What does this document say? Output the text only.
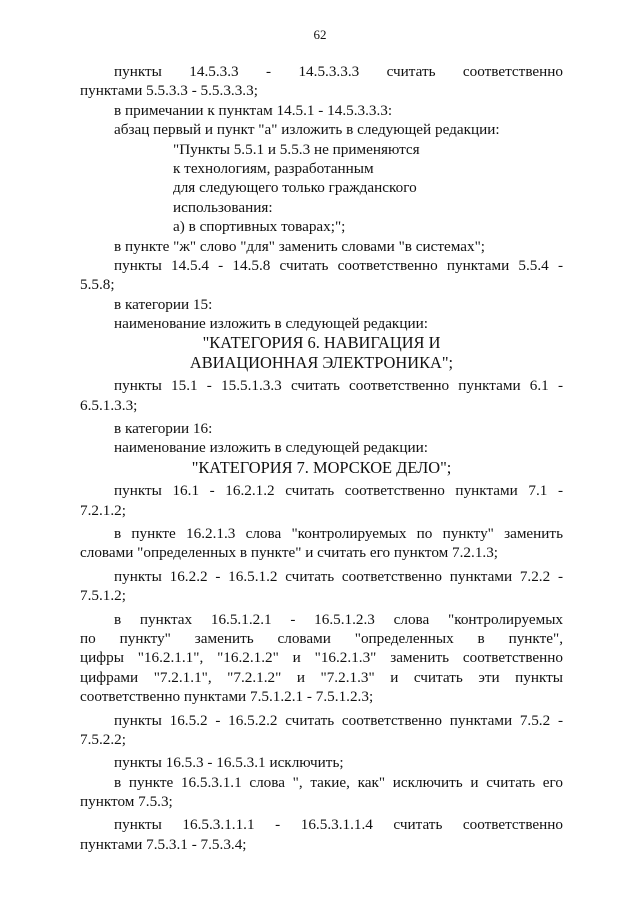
62
пункты 14.5.3.3 - 14.5.3.3.3 считать соответственно
пунктами 5.5.3.3 - 5.5.3.3.3;
в примечании к пунктам 14.5.1 - 14.5.3.3.3:
абзац первый и пункт "а" изложить в следующей редакции:
"Пункты 5.5.1 и 5.5.3 не применяются
к технологиям, разработанным
для следующего только гражданского
использования:
а) в спортивных товарах;";
в пункте "ж" слово "для" заменить словами "в системах";
пункты 14.5.4 - 14.5.8 считать соответственно пунктами 5.5.4 -
5.5.8;
в категории 15:
наименование изложить в следующей редакции:
"КАТЕГОРИЯ 6. НАВИГАЦИЯ И
АВИАЦИОННАЯ ЭЛЕКТРОНИКА";
пункты 15.1 - 15.5.1.3.3 считать соответственно пунктами 6.1 -
6.5.1.3.3;
в категории 16:
наименование изложить в следующей редакции:
"КАТЕГОРИЯ 7. МОРСКОЕ ДЕЛО";
пункты 16.1 - 16.2.1.2 считать соответственно пунктами 7.1 -
7.2.1.2;
в пункте 16.2.1.3 слова "контролируемых по пункту" заменить
словами "определенных в пункте" и считать его пунктом 7.2.1.3;
пункты 16.2.2 - 16.5.1.2 считать соответственно пунктами 7.2.2 -
7.5.1.2;
в пунктах 16.5.1.2.1 - 16.5.1.2.3 слова "контролируемых
по пункту" заменить словами "определенных в пункте",
цифры "16.2.1.1", "16.2.1.2" и "16.2.1.3" заменить соответственно
цифрами "7.2.1.1", "7.2.1.2" и "7.2.1.3" и считать эти пункты
соответственно пунктами 7.5.1.2.1 - 7.5.1.2.3;
пункты 16.5.2 - 16.5.2.2 считать соответственно пунктами 7.5.2 -
7.5.2.2;
пункты 16.5.3 - 16.5.3.1 исключить;
в пункте 16.5.3.1.1 слова ", такие, как" исключить и считать его
пунктом 7.5.3;
пункты 16.5.3.1.1.1 - 16.5.3.1.1.4 считать соответственно
пунктами 7.5.3.1 - 7.5.3.4;
